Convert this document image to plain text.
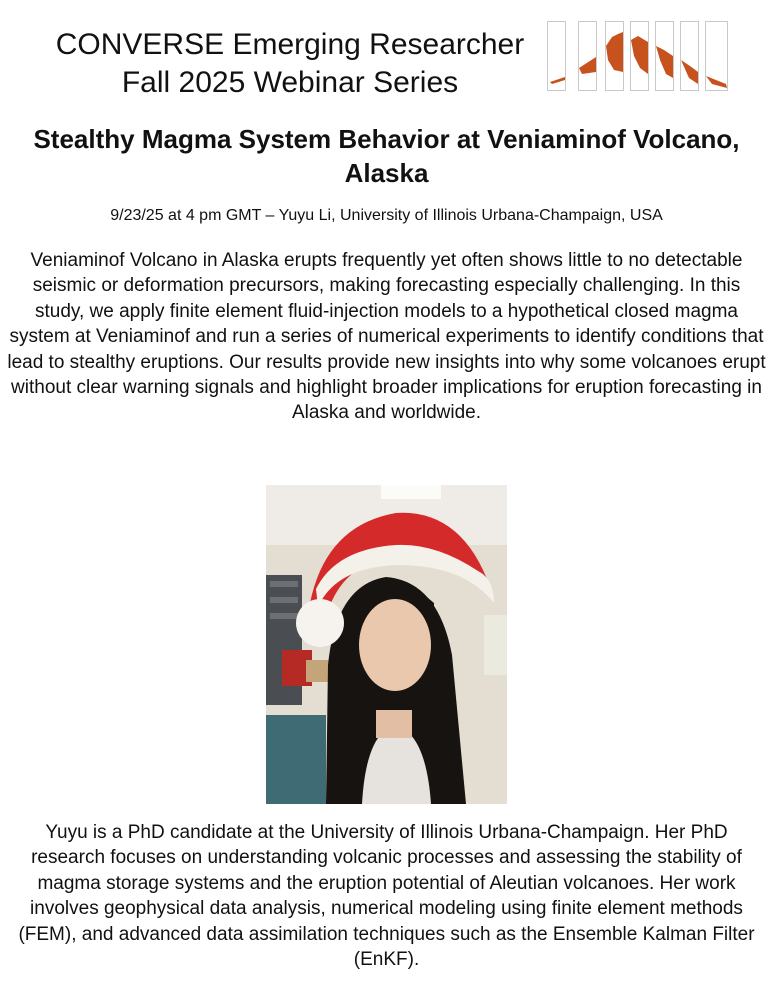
CONVERSE Emerging Researcher
Fall 2025 Webinar Series
Stealthy Magma System Behavior at Veniaminof Volcano, Alaska
9/23/25 at 4 pm GMT – Yuyu Li, University of Illinois Urbana-Champaign, USA
Veniaminof Volcano in Alaska erupts frequently yet often shows little to no detectable seismic or deformation precursors, making forecasting especially challenging. In this study, we apply finite element fluid-injection models to a hypothetical closed magma system at Veniaminof and run a series of numerical experiments to identify conditions that lead to stealthy eruptions. Our results provide new insights into why some volcanoes erupt without clear warning signals and highlight broader implications for eruption forecasting in Alaska and worldwide.
Yuyu is a PhD candidate at the University of Illinois Urbana-Champaign. Her PhD research focuses on understanding volcanic processes and assessing the stability of magma storage systems and the eruption potential of Aleutian volcanoes. Her work involves geophysical data analysis, numerical modeling using finite element methods (FEM), and advanced data assimilation techniques such as the Ensemble Kalman Filter (EnKF).
